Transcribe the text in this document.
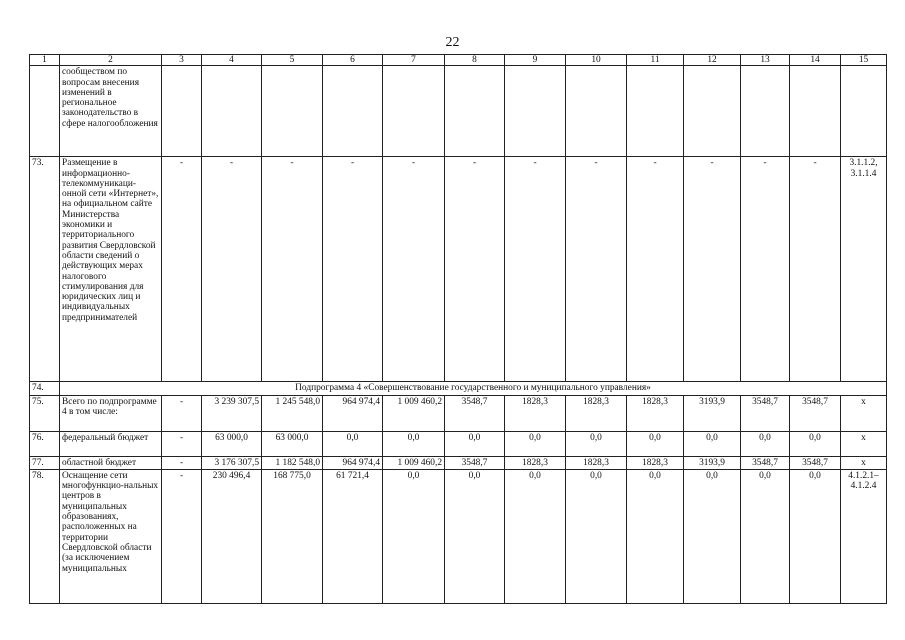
22
1	2	3	4	5	6	7	8	9	10	11	12	13	14	15
	сообществом по вопросам внесения изменений в региональное законодательство в сфере налогообложения													
73.	Размещение в информационно-телекоммуникаци-онной сети «Интернет», на официальном сайте Министерства экономики и территориального развития Свердловской области сведений о действующих мерах налогового стимулирования для юридических лиц и индивидуальных предпринимателей	-	-	-	-	-	-	-	-	-	-	-	-	3.1.1.2, 3.1.1.4
74.	Подпрограмма 4 «Совершенствование государственного и муниципального управления»													
75.	Всего по подпрограмме 4 в том числе:	-	3 239 307,5	1 245 548,0	964 974,4	1 009 460,2	3548,7	1828,3	1828,3	1828,3	3193,9	3548,7	3548,7	x
76.	федеральный бюджет	-	63 000,0	63 000,0	0,0	0,0	0,0	0,0	0,0	0,0	0,0	0,0	0,0	x
77.	областной бюджет	-	3 176 307,5	1 182 548,0	964 974,4	1 009 460,2	3548,7	1828,3	1828,3	1828,3	3193,9	3548,7	3548,7	x
78.	Оснащение сети многофункцио-нальных центров в муниципальных образованиях, расположенных на территории Свердловской области (за исключением муниципальных	-	230 496,4	168 775,0	61 721,4	0,0	0,0	0,0	0,0	0,0	0,0	0,0	0,0	4.1.2.1– 4.1.2.4
